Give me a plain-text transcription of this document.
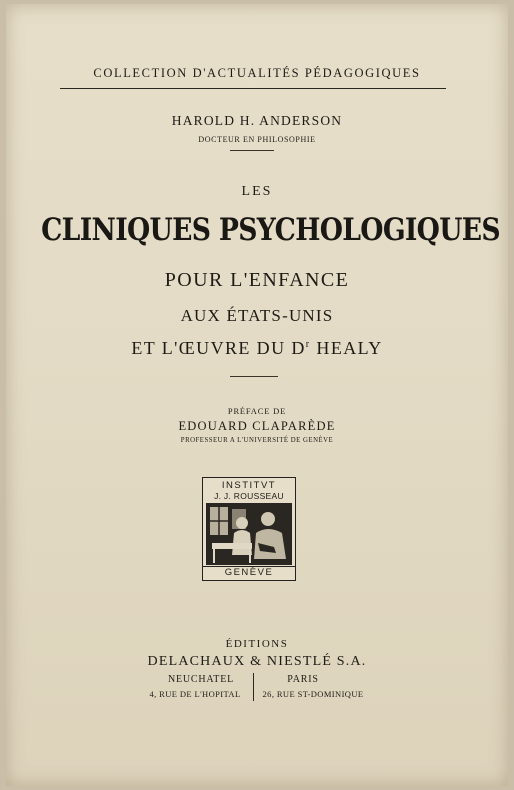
COLLECTION D'ACTUALITÉS PÉDAGOGIQUES
HAROLD H. ANDERSON
DOCTEUR EN PHILOSOPHIE
LES
CLINIQUES PSYCHOLOGIQUES
POUR L'ENFANCE
AUX ÉTATS-UNIS
ET L'ŒUVRE DU $D^r$ HEALY
PRÉFACE DE
EDOUARD CLAPARÈDE
PROFESSEUR A L'UNIVERSITÉ DE GENÈVE
INSTITVT
J. J. ROUSSEAU
GENÈVE
ÉDITIONS
DELACHAUX & NIESTLÉ S.A.
NEUCHATEL	PARIS
4, RUE DE L'HOPITAL	26, RUE ST-DOMINIQUE
